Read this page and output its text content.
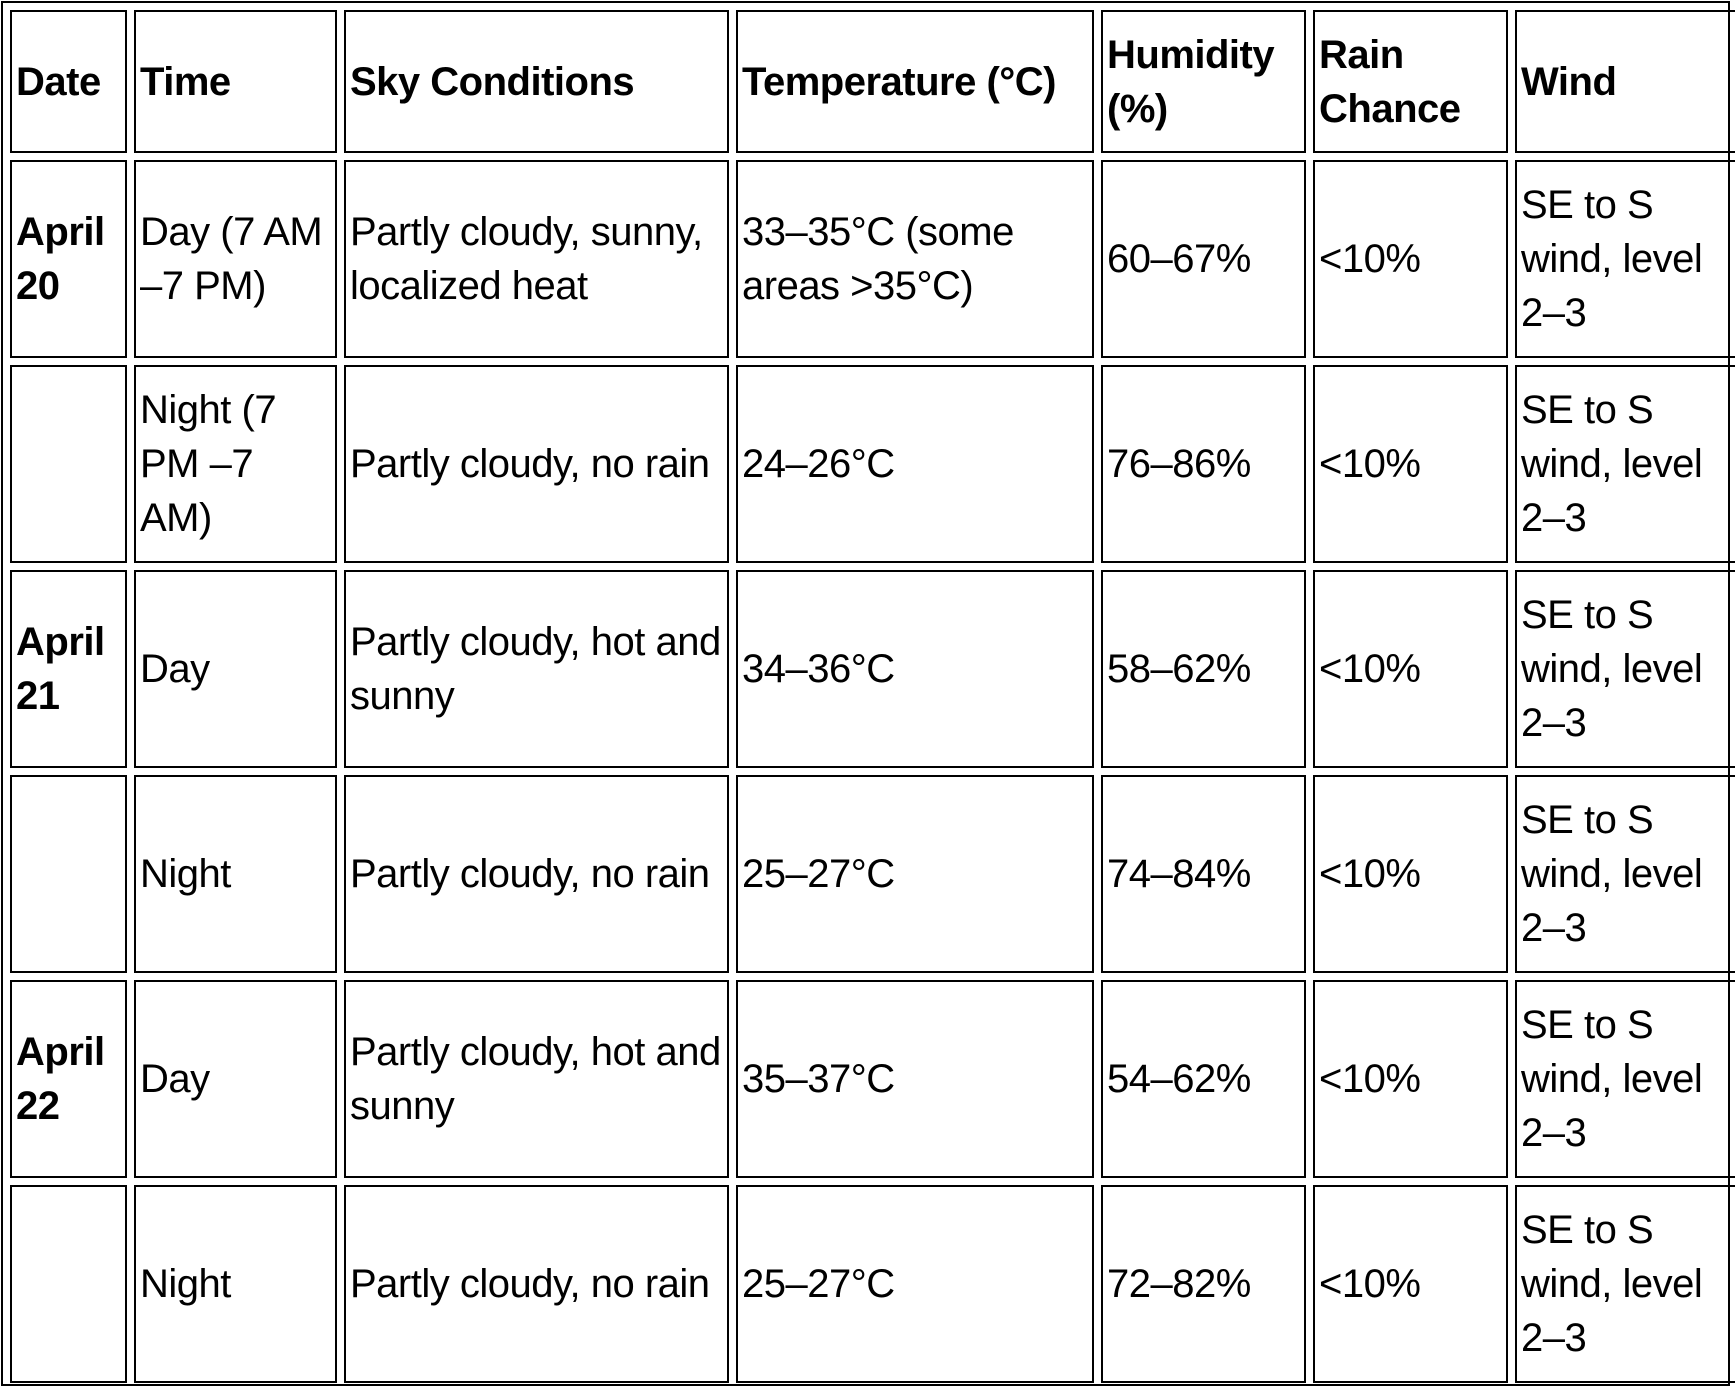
Date	Time	Sky Conditions	Temperature (°C)	Humidity (%)	Rain Chance	Wind
April 20	Day (7 AM –7 PM)	Partly cloudy, sunny, localized heat	33–35°C (some areas >35°C)	60–67%	<10%	SE to S wind, level 2–3
	Night (7 PM –7 AM)	Partly cloudy, no rain	24–26°C	76–86%	<10%	SE to S wind, level 2–3
April 21	Day	Partly cloudy, hot and sunny	34–36°C	58–62%	<10%	SE to S wind, level 2–3
	Night	Partly cloudy, no rain	25–27°C	74–84%	<10%	SE to S wind, level 2–3
April 22	Day	Partly cloudy, hot and sunny	35–37°C	54–62%	<10%	SE to S wind, level 2–3
	Night	Partly cloudy, no rain	25–27°C	72–82%	<10%	SE to S wind, level 2–3
